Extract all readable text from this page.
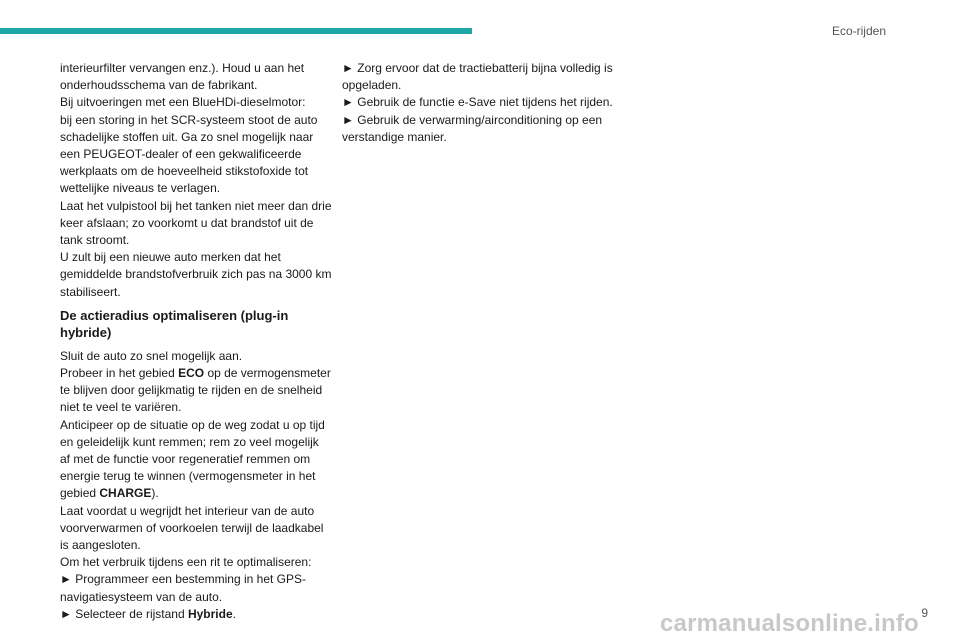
Eco-rijden

interieurfilter vervangen enz.). Houd u aan het onderhoudsschema van de fabrikant.

Bij uitvoeringen met een BlueHDi-dieselmotor:

bij een storing in het SCR-systeem stoot de auto schadelijke stoffen uit. Ga zo snel mogelijk naar een PEUGEOT-dealer of een gekwalificeerde werkplaats om de hoeveelheid stikstofoxide tot wettelijke niveaus te verlagen.

Laat het vulpistool bij het tanken niet meer dan drie keer afslaan; zo voorkomt u dat brandstof uit de tank stroomt.

U zult bij een nieuwe auto merken dat het gemiddelde brandstofverbruik zich pas na 3000 km stabiliseert.

De actieradius optimaliseren (plug-in hybride)

Sluit de auto zo snel mogelijk aan.

Probeer in het gebied ECO op de vermogensmeter te blijven door gelijkmatig te rijden en de snelheid niet te veel te variëren.

Anticipeer op de situatie op de weg zodat u op tijd en geleidelijk kunt remmen; rem zo veel mogelijk af met de functie voor regeneratief remmen om energie terug te winnen (vermogensmeter in het gebied CHARGE).

Laat voordat u wegrijdt het interieur van de auto voorverwarmen of voorkoelen terwijl de laadkabel is aangesloten.

Om het verbruik tijdens een rit te optimaliseren:

► Programmeer een bestemming in het GPS-navigatiesysteem van de auto.

► Selecteer de rijstand Hybride.

► Zorg ervoor dat de tractiebatterij bijna volledig is opgeladen.

► Gebruik de functie e-Save niet tijdens het rijden.

► Gebruik de verwarming/airconditioning op een verstandige manier.

9
carmanualsonline.info
